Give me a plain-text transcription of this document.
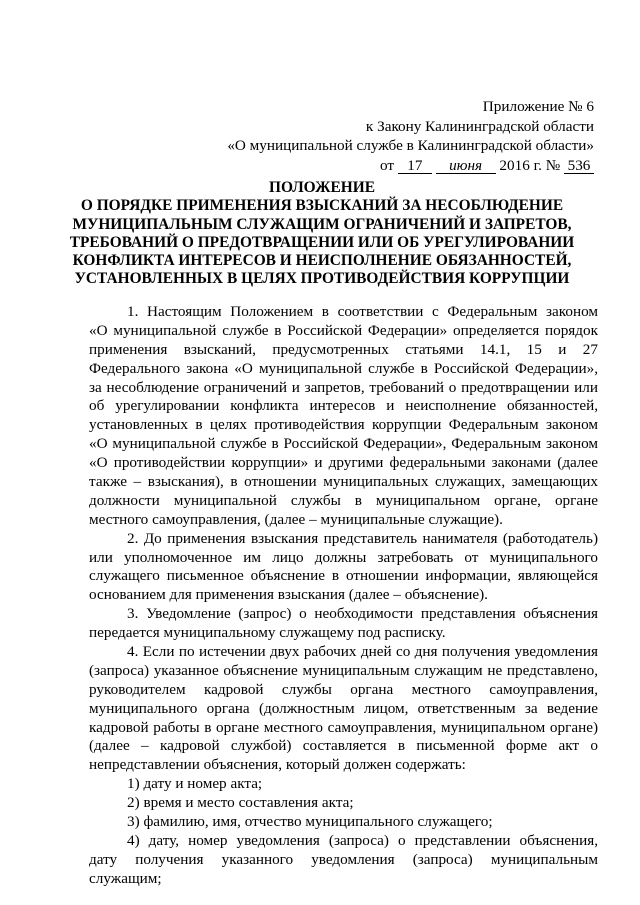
Приложение № 6
к Закону Калининградской области
«О муниципальной службе в Калининградской области»
от 17 июня 2016 г. № 536
ПОЛОЖЕНИЕ
О ПОРЯДКЕ ПРИМЕНЕНИЯ ВЗЫСКАНИЙ ЗА НЕСОБЛЮДЕНИЕ
МУНИЦИПАЛЬНЫМ СЛУЖАЩИМ ОГРАНИЧЕНИЙ И ЗАПРЕТОВ,
ТРЕБОВАНИЙ О ПРЕДОТВРАЩЕНИИ ИЛИ ОБ УРЕГУЛИРОВАНИИ
КОНФЛИКТА ИНТЕРЕСОВ И НЕИСПОЛНЕНИЕ ОБЯЗАННОСТЕЙ,
УСТАНОВЛЕННЫХ В ЦЕЛЯХ ПРОТИВОДЕЙСТВИЯ КОРРУПЦИИ
1. Настоящим Положением в соответствии с Федеральным законом
«О муниципальной службе в Российской Федерации» определяется порядок
применения взысканий, предусмотренных статьями 14.1, 15 и 27
Федерального закона «О муниципальной службе в Российской Федерации»,
за несоблюдение ограничений и запретов, требований о предотвращении или
об урегулировании конфликта интересов и неисполнение обязанностей,
установленных в целях противодействия коррупции Федеральным законом
«О муниципальной службе в Российской Федерации», Федеральным законом
«О противодействии коррупции» и другими федеральными законами (далее
также – взыскания), в отношении муниципальных служащих, замещающих
должности муниципальной службы в муниципальном органе, органе
местного самоуправления, (далее – муниципальные служащие).
2. До применения взыскания представитель нанимателя (работодатель)
или уполномоченное им лицо должны затребовать от муниципального
служащего письменное объяснение в отношении информации, являющейся
основанием для применения взыскания (далее – объяснение).
3. Уведомление (запрос) о необходимости представления объяснения
передается муниципальному служащему под расписку.
4. Если по истечении двух рабочих дней со дня получения уведомления
(запроса) указанное объяснение муниципальным служащим не представлено,
руководителем кадровой службы органа местного самоуправления,
муниципального органа (должностным лицом, ответственным за ведение
кадровой работы в органе местного самоуправления, муниципальном органе)
(далее – кадровой службой) составляется в письменной форме акт о
непредставлении объяснения, который должен содержать:
1) дату и номер акта;
2) время и место составления акта;
3) фамилию, имя, отчество муниципального служащего;
4) дату, номер уведомления (запроса) о представлении объяснения,
дату получения указанного уведомления (запроса) муниципальным
служащим;
